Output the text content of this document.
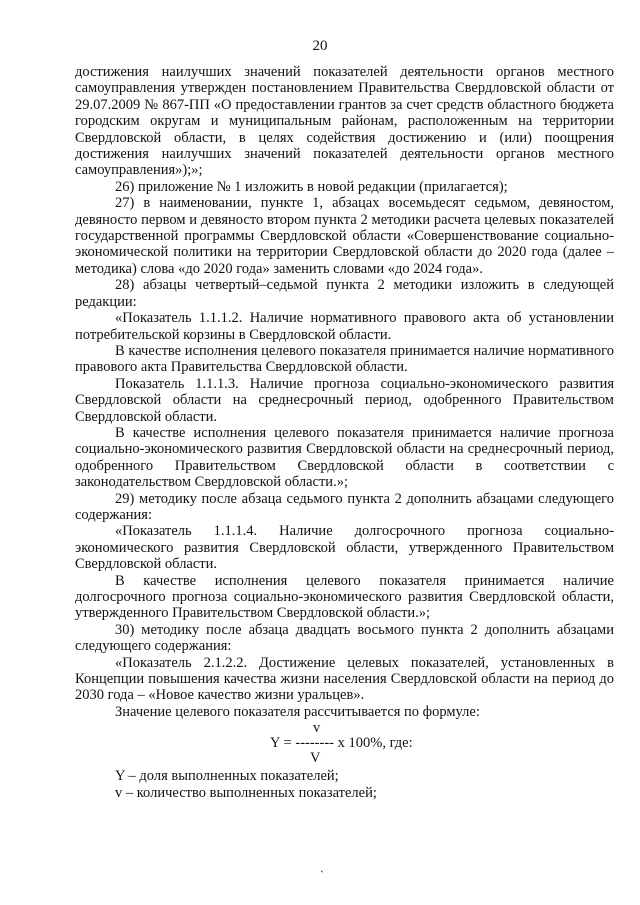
20

достижения наилучших значений показателей деятельности органов местного самоуправления утвержден постановлением Правительства Свердловской области от 29.07.2009 № 867-ПП «О предоставлении грантов за счет средств областного бюджета городским округам и муниципальным районам, расположенным на территории Свердловской области, в целях содействия достижению и (или) поощрения достижения наилучших значений показателей деятельности органов местного самоуправления»);»;

26) приложение № 1 изложить в новой редакции (прилагается);

27) в наименовании, пункте 1, абзацах восемьдесят седьмом, девяностом, девяносто первом и девяносто втором пункта 2 методики расчета целевых показателей государственной программы Свердловской области «Совершенствование социально-экономической политики на территории Свердловской области до 2020 года (далее – методика) слова «до 2020 года» заменить словами «до 2024 года».

28) абзацы четвертый–седьмой пункта 2 методики изложить в следующей редакции:

«Показатель 1.1.1.2. Наличие нормативного правового акта об установлении потребительской корзины в Свердловской области.

В качестве исполнения целевого показателя принимается наличие нормативного правового акта Правительства Свердловской области.

Показатель 1.1.1.3. Наличие прогноза социально-экономического развития Свердловской области на среднесрочный период, одобренного Правительством Свердловской области.

В качестве исполнения целевого показателя принимается наличие прогноза социально-экономического развития Свердловской области на среднесрочный период, одобренного Правительством Свердловской области в соответствии с законодательством Свердловской области.»;

29) методику после абзаца седьмого пункта 2 дополнить абзацами следующего содержания:

«Показатель 1.1.1.4. Наличие долгосрочного прогноза социально-экономического развития Свердловской области, утвержденного Правительством Свердловской области.

В качестве исполнения целевого показателя принимается наличие долгосрочного прогноза социально-экономического развития Свердловской области, утвержденного Правительством Свердловской области.»;

30) методику после абзаца двадцать восьмого пункта 2 дополнить абзацами следующего содержания:

«Показатель 2.1.2.2. Достижение целевых показателей, установленных в Концепции повышения качества жизни населения Свердловской области на период до 2030 года – «Новое качество жизни уральцев».

Значение целевого показателя рассчитывается по формуле:

v
Y = -------- x 100%, где:
V

Y – доля выполненных показателей;

v – количество выполненных показателей;

`
